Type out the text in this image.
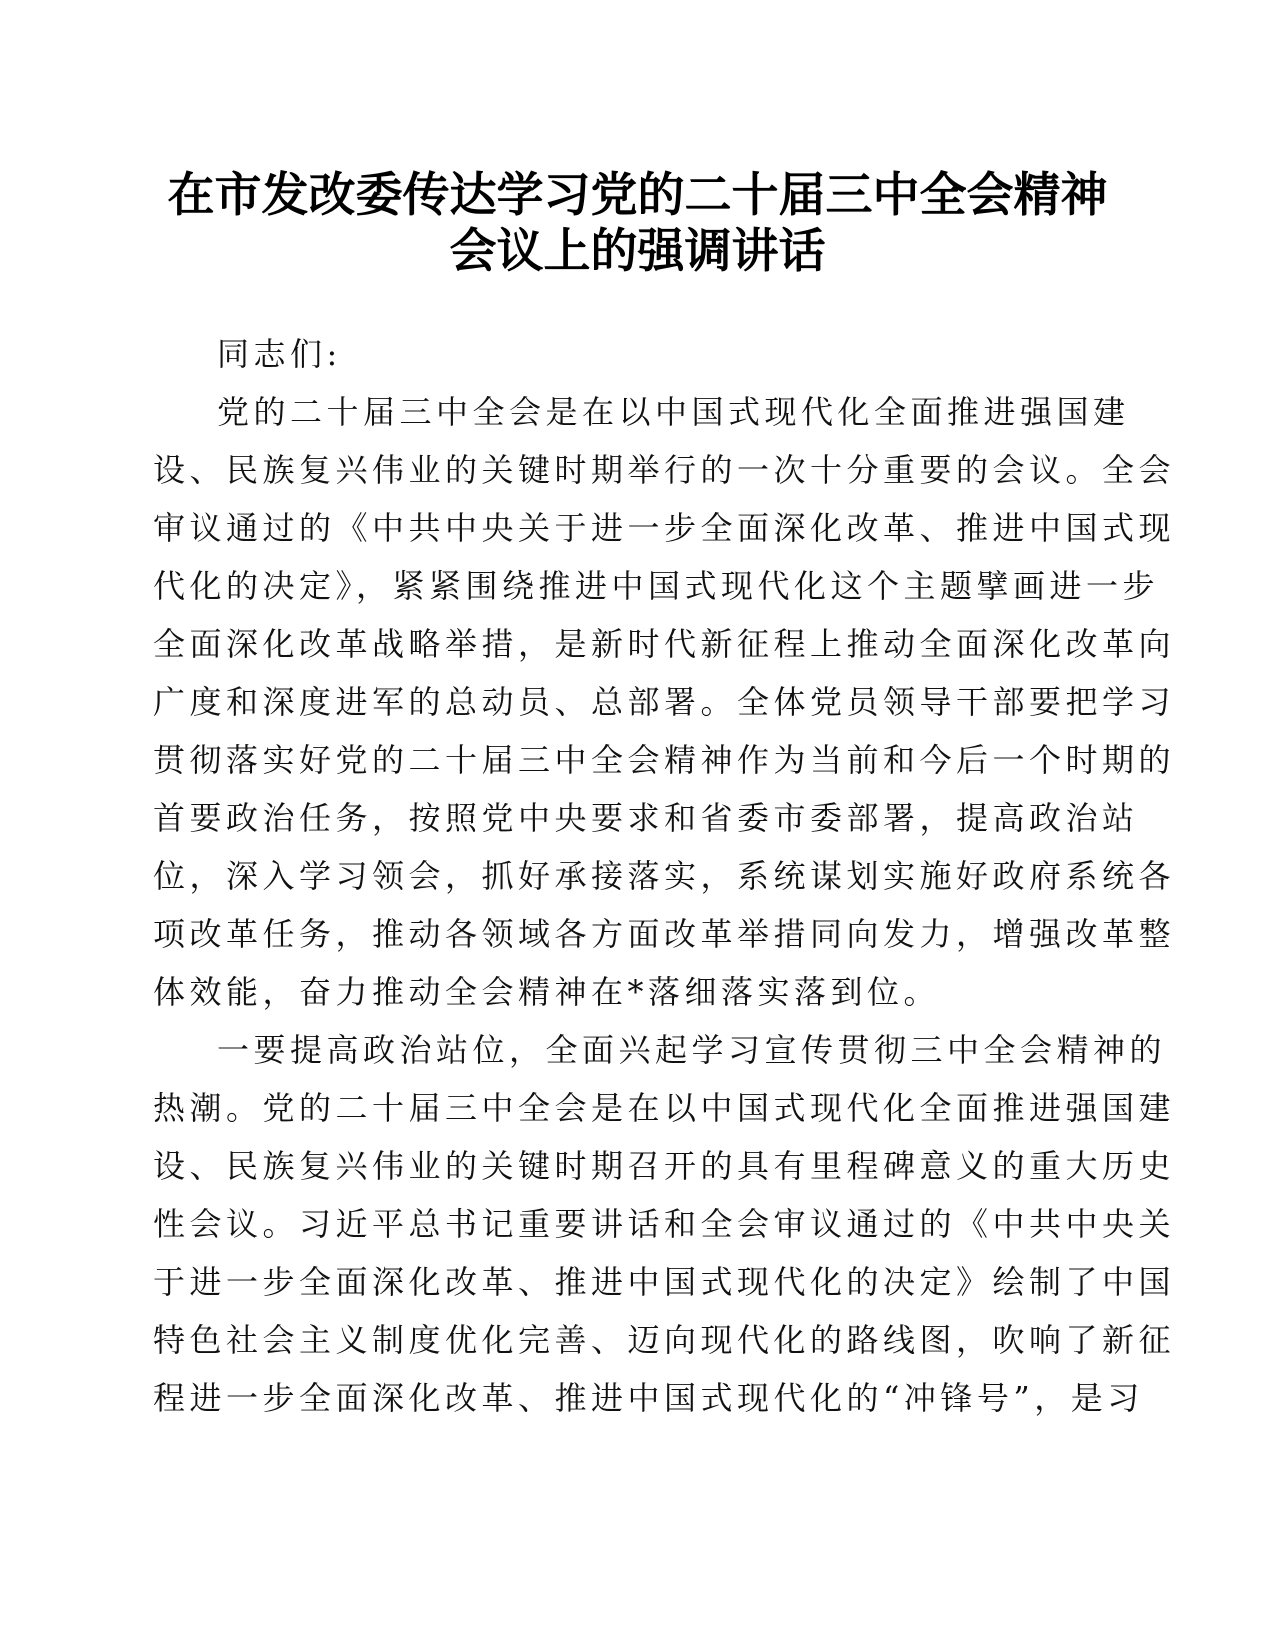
在市发改委传达学习党的二十届三中全会精神
会议上的强调讲话

同志们:

党的二十届三中全会是在以中国式现代化全面推进强国建
设、民族复兴伟业的关键时期举行的一次十分重要的会议。全会
审议通过的《中共中央关于进一步全面深化改革、推进中国式现
代化的决定》，紧紧围绕推进中国式现代化这个主题擘画进一步
全面深化改革战略举措，是新时代新征程上推动全面深化改革向
广度和深度进军的总动员、总部署。全体党员领导干部要把学习
贯彻落实好党的二十届三中全会精神作为当前和今后一个时期的
首要政治任务，按照党中央要求和省委市委部署，提高政治站
位，深入学习领会，抓好承接落实，系统谋划实施好政府系统各
项改革任务，推动各领域各方面改革举措同向发力，增强改革整
体效能，奋力推动全会精神在*落细落实落到位。

一要提高政治站位，全面兴起学习宣传贯彻三中全会精神的
热潮。党的二十届三中全会是在以中国式现代化全面推进强国建
设、民族复兴伟业的关键时期召开的具有里程碑意义的重大历史
性会议。习近平总书记重要讲话和全会审议通过的《中共中央关
于进一步全面深化改革、推进中国式现代化的决定》绘制了中国
特色社会主义制度优化完善、迈向现代化的路线图，吹响了新征
程进一步全面深化改革、推进中国式现代化的“冲锋号”，是习
